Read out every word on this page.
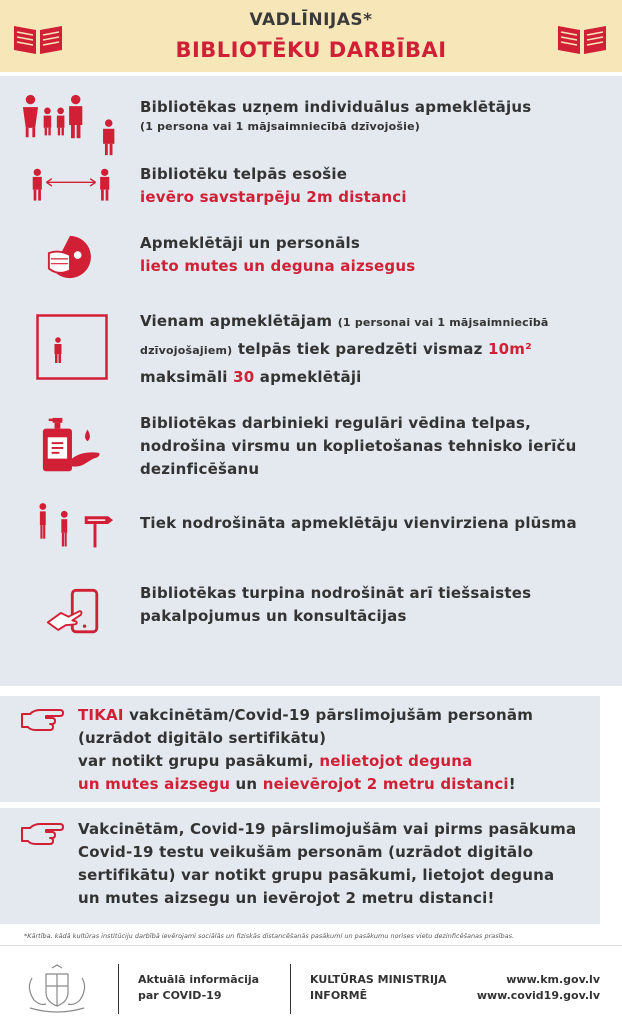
VADLĪNIJAS*
BIBLIOTĒKU DARBĪBAI
Bibliotēkas uzņem individuālus apmeklētājus
(1 persona vai 1 mājsaimniecībā dzīvojošie)
Bibliotēku telpās esošie
ievēro savstarpēju 2m distanci
Apmeklētāji un personāls
lieto mutes un deguna aizsegus
Vienam apmeklētājam (1 personai vai 1 mājsaimniecībā
dzīvojošajiem) telpās tiek paredzēti vismaz 10m²
maksimāli 30 apmeklētāji
Bibliotēkas darbinieki regulāri vēdina telpas,
nodrošina virsmu un koplietošanas tehnisko ierīču
dezinficēšanu
Tiek nodrošināta apmeklētāju vienvirziena plūsma
Bibliotēkas turpina nodrošināt arī tiešsaistes
pakalpojumus un konsultācijas
TIKAI vakcinētām/Covid-19 pārslimojušām personām
(uzrādot digitālo sertifikātu)
var notikt grupu pasākumi, nelietojot deguna
un mutes aizsegu un neievērojot 2 metru distanci!
Vakcinētām, Covid-19 pārslimojušām vai pirms pasākuma
Covid-19 testu veikušām personām (uzrādot digitālo
sertifikātu) var notikt grupu pasākumi, lietojot deguna
un mutes aizsegu un ievērojot 2 metru distanci!
*Kārtība, kādā kultūras institūciju darbībā ievērojami sociālās un fiziskās distancēšanās pasākumi un pasākumu norises vietu dezinficēšanas prasības.
Aktuālā informācija
par COVID-19
KULTŪRAS MINISTRIJA
INFORMĒ
www.km.gov.lv
www.covid19.gov.lv
